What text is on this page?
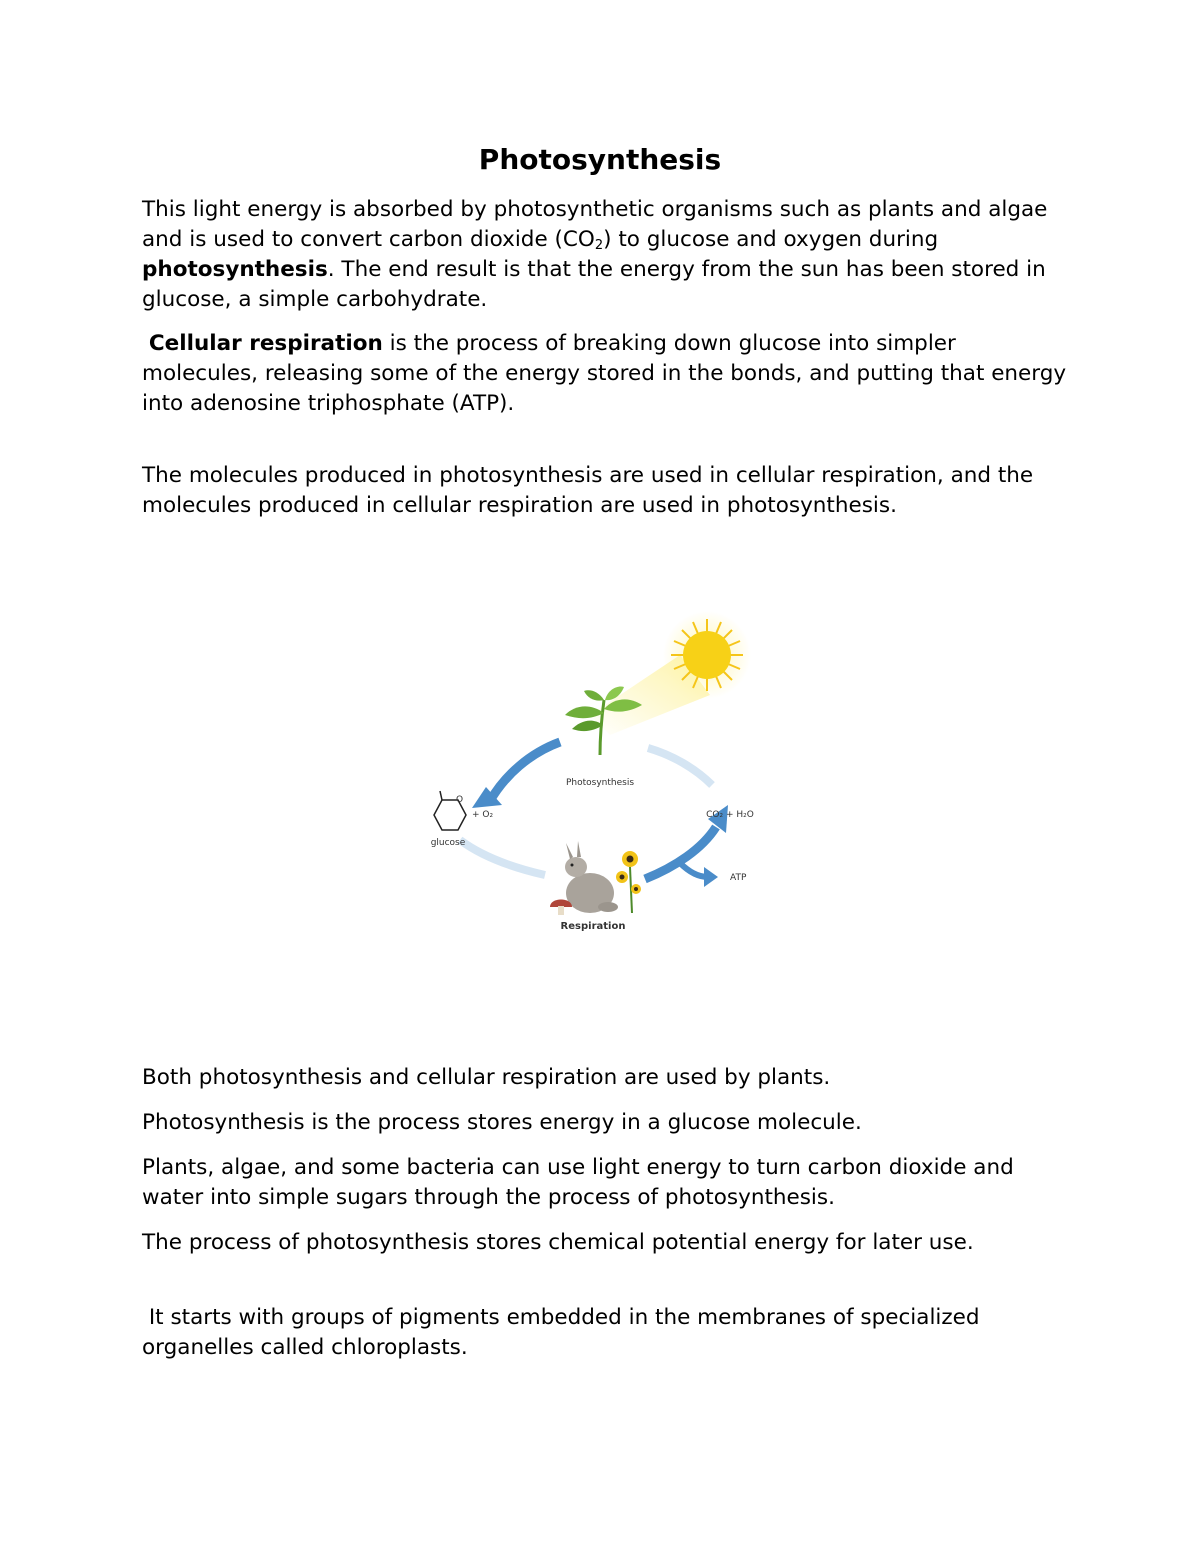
Photosynthesis

This light energy is absorbed by photosynthetic organisms such as plants and algae and is used to convert carbon dioxide $(CO_2)$ to glucose and oxygen during photosynthesis. The end result is that the energy from the sun has been stored in glucose, a simple carbohydrate.

Cellular respiration is the process of breaking down glucose into simpler molecules, releasing some of the energy stored in the bonds, and putting that energy into adenosine triphosphate (ATP).

The molecules produced in photosynthesis are used in cellular respiration, and the molecules produced in cellular respiration are used in photosynthesis.

Photosynthesis
O
+ O₂
glucose
CO₂ + H₂O
ATP
Respiration

Both photosynthesis and cellular respiration are used by plants.

Photosynthesis is the process stores energy in a glucose molecule.

Plants, algae, and some bacteria can use light energy to turn carbon dioxide and water into simple sugars through the process of photosynthesis.

The process of photosynthesis stores chemical potential energy for later use.

It starts with groups of pigments embedded in the membranes of specialized organelles called chloroplasts.
